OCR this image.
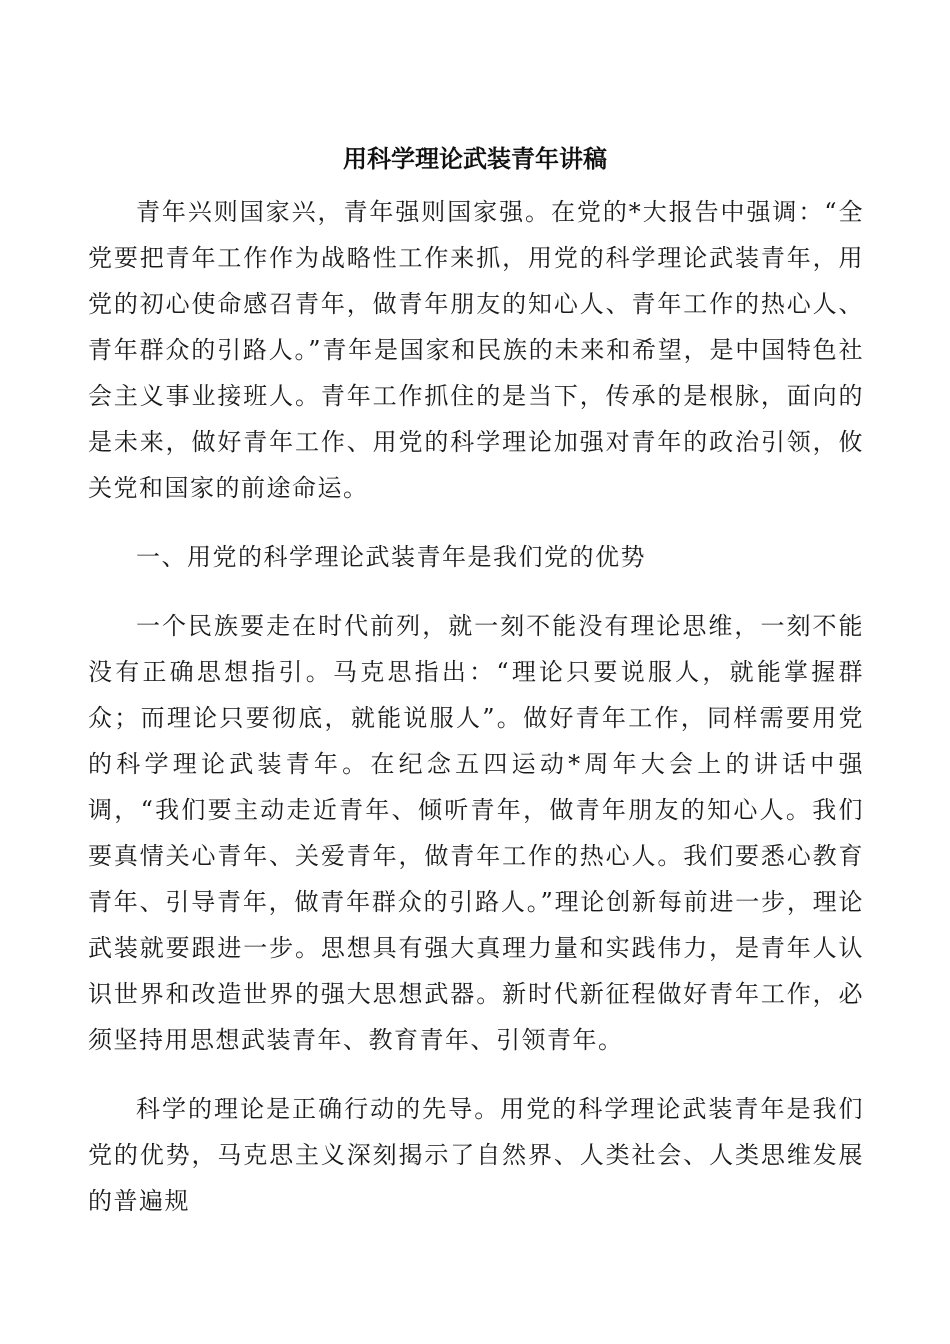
用科学理论武装青年讲稿

青年兴则国家兴，青年强则国家强。在党的*大报告中强调：“全党要把青年工作作为战略性工作来抓，用党的科学理论武装青年，用党的初心使命感召青年，做青年朋友的知心人、青年工作的热心人、青年群众的引路人。”青年是国家和民族的未来和希望，是中国特色社会主义事业接班人。青年工作抓住的是当下，传承的是根脉，面向的是未来，做好青年工作、用党的科学理论加强对青年的政治引领，攸关党和国家的前途命运。

一、用党的科学理论武装青年是我们党的优势

一个民族要走在时代前列，就一刻不能没有理论思维，一刻不能没有正确思想指引。马克思指出：“理论只要说服人，就能掌握群众；而理论只要彻底，就能说服人”。做好青年工作，同样需要用党的科学理论武装青年。在纪念五四运动*周年大会上的讲话中强调，“我们要主动走近青年、倾听青年，做青年朋友的知心人。我们要真情关心青年、关爱青年，做青年工作的热心人。我们要悉心教育青年、引导青年，做青年群众的引路人。”理论创新每前进一步，理论武装就要跟进一步。思想具有强大真理力量和实践伟力，是青年人认识世界和改造世界的强大思想武器。新时代新征程做好青年工作，必须坚持用思想武装青年、教育青年、引领青年。

科学的理论是正确行动的先导。用党的科学理论武装青年是我们党的优势，马克思主义深刻揭示了自然界、人类社会、人类思维发展的普遍规
